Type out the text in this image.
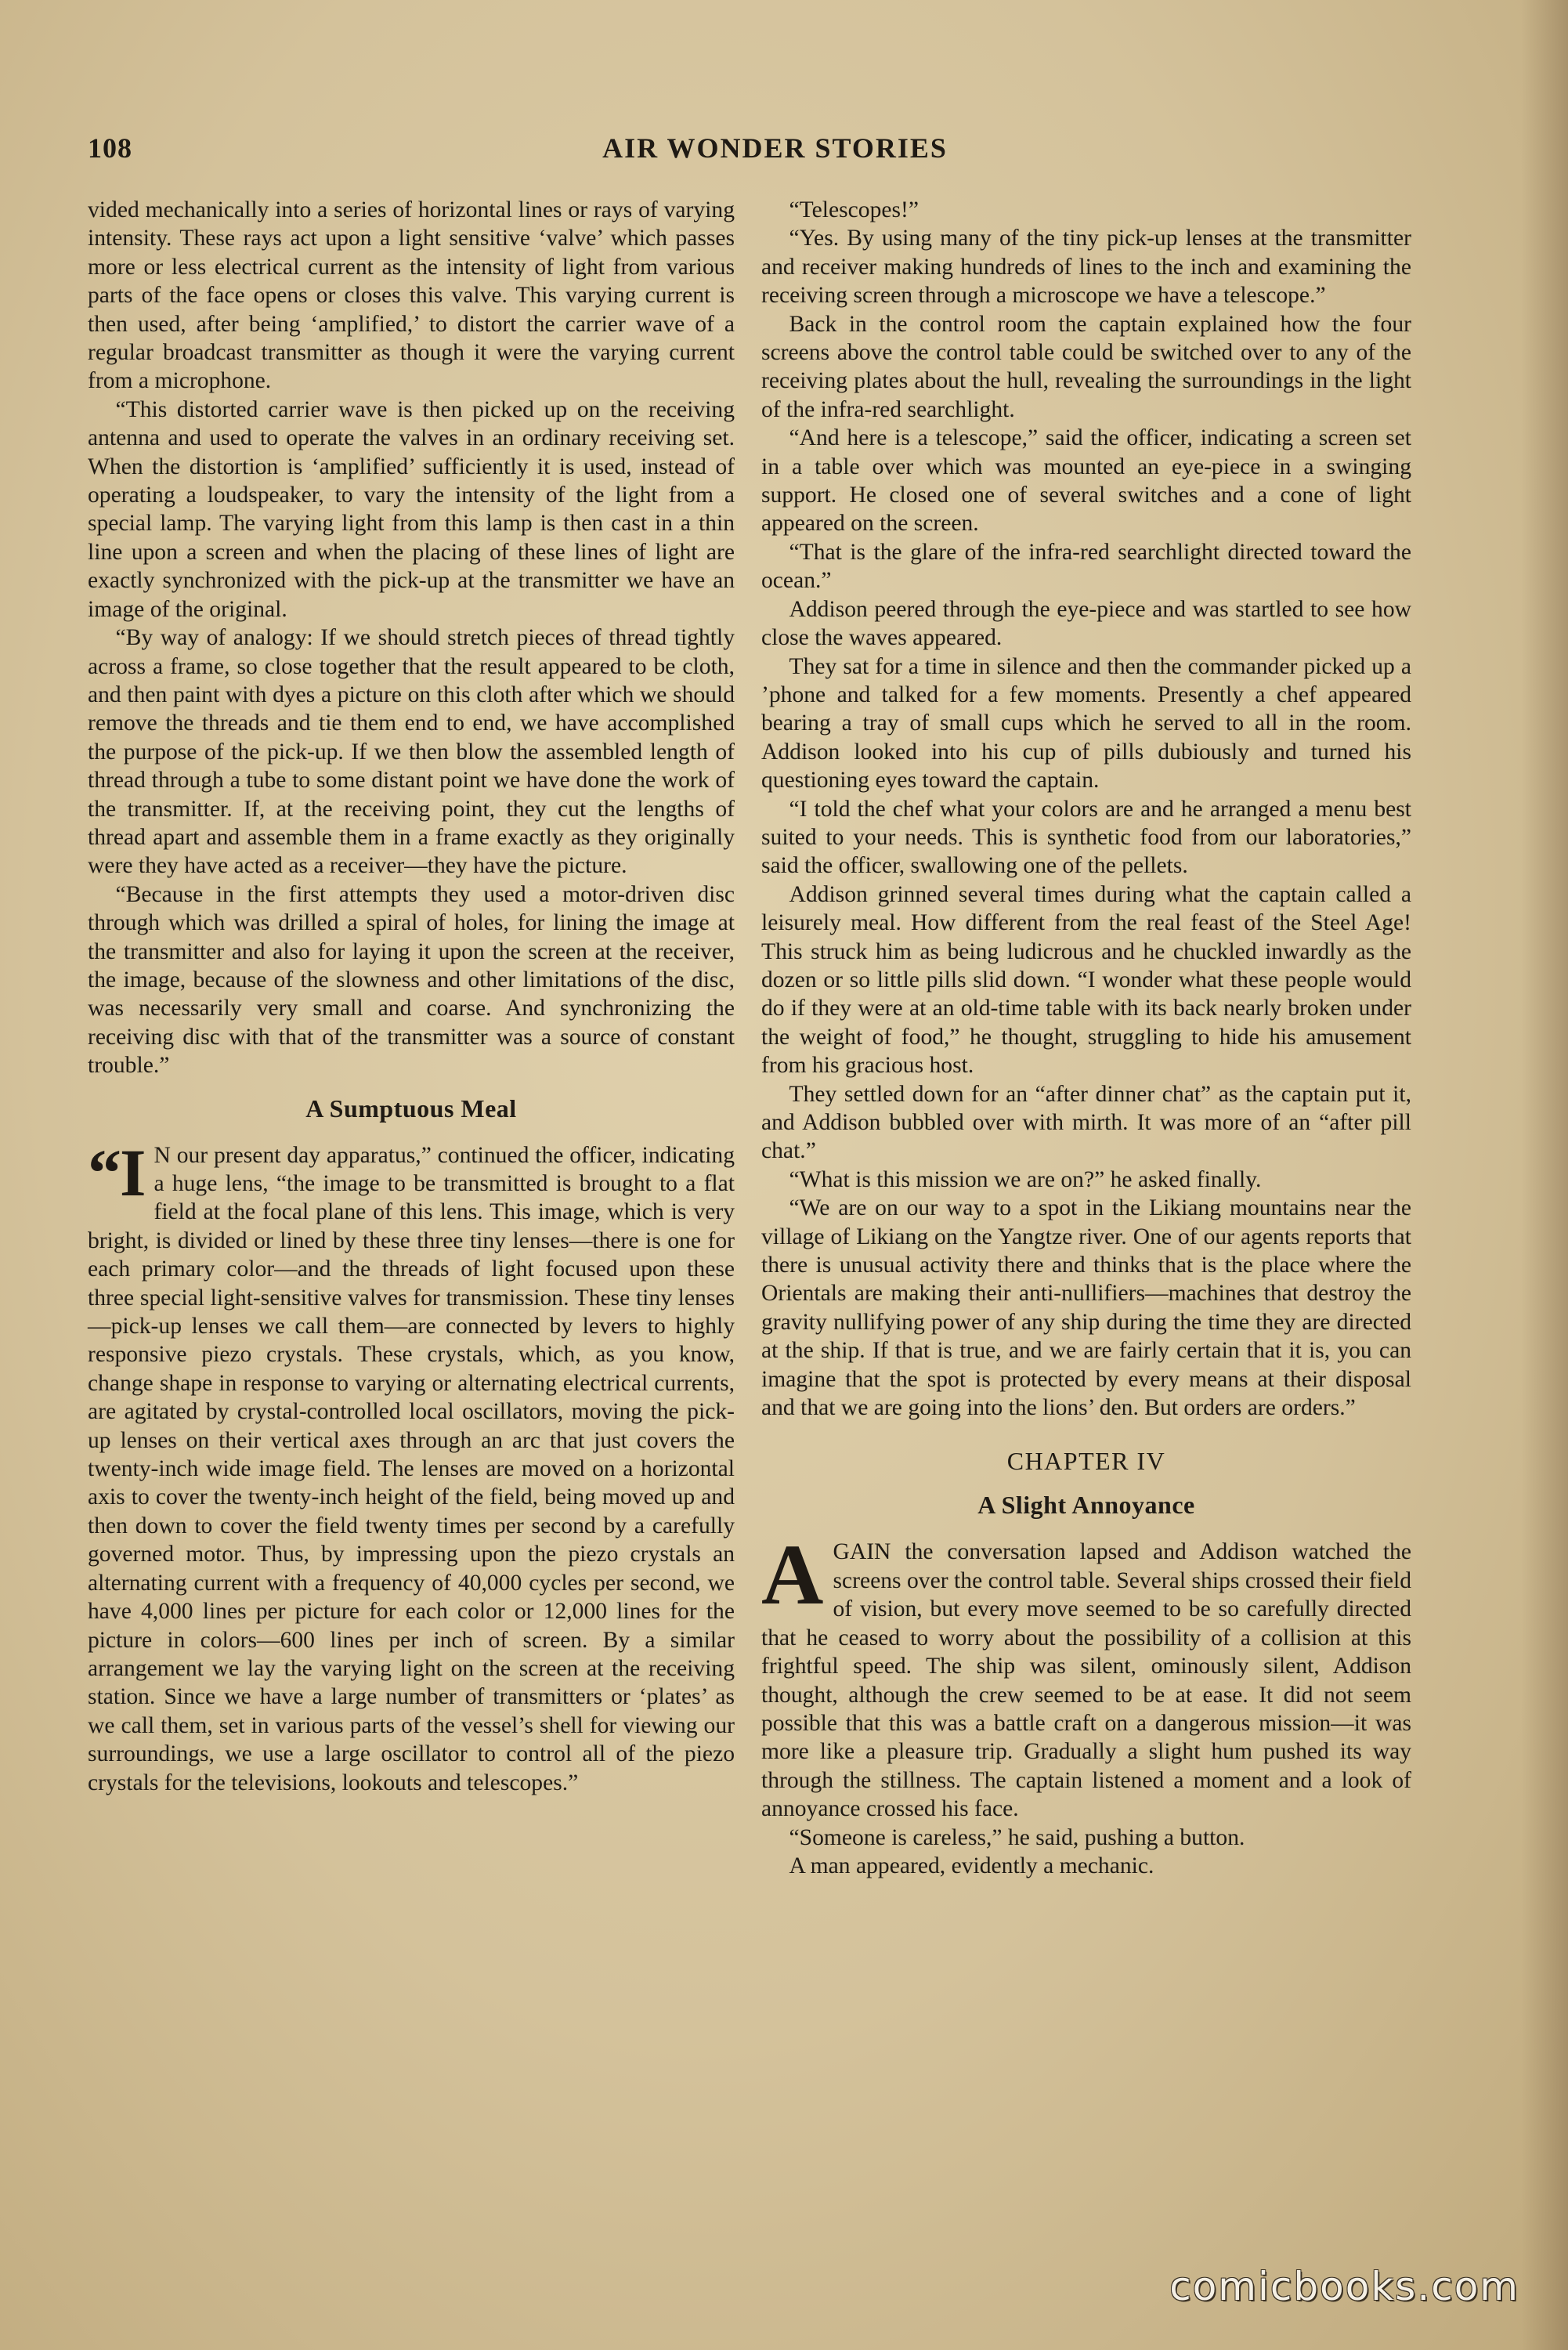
AIR WONDER STORIES
108

vided mechanically into a series of horizontal lines or rays of varying intensity. These rays act upon a light sensitive ‘valve’ which passes more or less electrical current as the intensity of light from various parts of the face opens or closes this valve. This varying current is then used, after being ‘amplified,’ to distort the carrier wave of a regular broadcast transmitter as though it were the varying current from a microphone.

“This distorted carrier wave is then picked up on the receiving antenna and used to operate the valves in an ordinary receiving set. When the distortion is ‘amplified’ sufficiently it is used, instead of operating a loudspeaker, to vary the intensity of the light from a special lamp. The varying light from this lamp is then cast in a thin line upon a screen and when the placing of these lines of light are exactly synchronized with the pick-up at the transmitter we have an image of the original.

“By way of analogy: If we should stretch pieces of thread tightly across a frame, so close together that the result appeared to be cloth, and then paint with dyes a picture on this cloth after which we should remove the threads and tie them end to end, we have accomplished the purpose of the pick-up. If we then blow the assembled length of thread through a tube to some distant point we have done the work of the transmitter. If, at the receiving point, they cut the lengths of thread apart and assemble them in a frame exactly as they originally were they have acted as a receiver—they have the picture.

“Because in the first attempts they used a motor-driven disc through which was drilled a spiral of holes, for lining the image at the transmitter and also for laying it upon the screen at the receiver, the image, because of the slowness and other limitations of the disc, was necessarily very small and coarse. And synchronizing the receiving disc with that of the transmitter was a source of constant trouble.”

A Sumptuous Meal

“I N our present day apparatus,” continued the officer, indicating a huge lens, “the image to be transmitted is brought to a flat field at the focal plane of this lens. This image, which is very bright, is divided or lined by these three tiny lenses—there is one for each primary color—and the threads of light focused upon these three special light-sensitive valves for transmission. These tiny lenses—pick-up lenses we call them—are connected by levers to highly responsive piezo crystals. These crystals, which, as you know, change shape in response to varying or alternating electrical currents, are agitated by crystal-controlled local oscillators, moving the pick-up lenses on their vertical axes through an arc that just covers the twenty-inch wide image field. The lenses are moved on a horizontal axis to cover the twenty-inch height of the field, being moved up and then down to cover the field twenty times per second by a carefully governed motor. Thus, by impressing upon the piezo crystals an alternating current with a frequency of 40,000 cycles per second, we have 4,000 lines per picture for each color or 12,000 lines for the picture in colors—600 lines per inch of screen. By a similar arrangement we lay the varying light on the screen at the receiving station. Since we have a large number of transmitters or ‘plates’ as we call them, set in various parts of the vessel’s shell for viewing our surroundings, we use a large oscillator to control all of the piezo crystals for the televisions, lookouts and telescopes.”

“Telescopes!”

“Yes. By using many of the tiny pick-up lenses at the transmitter and receiver making hundreds of lines to the inch and examining the receiving screen through a microscope we have a telescope.”

Back in the control room the captain explained how the four screens above the control table could be switched over to any of the receiving plates about the hull, revealing the surroundings in the light of the infra-red searchlight.

“And here is a telescope,” said the officer, indicating a screen set in a table over which was mounted an eye-piece in a swinging support. He closed one of several switches and a cone of light appeared on the screen.

“That is the glare of the infra-red searchlight directed toward the ocean.”

Addison peered through the eye-piece and was startled to see how close the waves appeared.

They sat for a time in silence and then the commander picked up a ’phone and talked for a few moments. Presently a chef appeared bearing a tray of small cups which he served to all in the room. Addison looked into his cup of pills dubiously and turned his questioning eyes toward the captain.

“I told the chef what your colors are and he arranged a menu best suited to your needs. This is synthetic food from our laboratories,” said the officer, swallowing one of the pellets.

Addison grinned several times during what the captain called a leisurely meal. How different from the real feast of the Steel Age! This struck him as being ludicrous and he chuckled inwardly as the dozen or so little pills slid down. “I wonder what these people would do if they were at an old-time table with its back nearly broken under the weight of food,” he thought, struggling to hide his amusement from his gracious host.

They settled down for an “after dinner chat” as the captain put it, and Addison bubbled over with mirth. It was more of an “after pill chat.”

“What is this mission we are on?” he asked finally.

“We are on our way to a spot in the Likiang mountains near the village of Likiang on the Yangtze river. One of our agents reports that there is unusual activity there and thinks that is the place where the Orientals are making their anti-nullifiers—machines that destroy the gravity nullifying power of any ship during the time they are directed at the ship. If that is true, and we are fairly certain that it is, you can imagine that the spot is protected by every means at their disposal and that we are going into the lions’ den. But orders are orders.”

CHAPTER IV
A Slight Annoyance

AGAIN the conversation lapsed and Addison watched the screens over the control table. Several ships crossed their field of vision, but every move seemed to be so carefully directed that he ceased to worry about the possibility of a collision at this frightful speed. The ship was silent, ominously silent, Addison thought, although the crew seemed to be at ease. It did not seem possible that this was a battle craft on a dangerous mission—it was more like a pleasure trip. Gradually a slight hum pushed its way through the stillness. The captain listened a moment and a look of annoyance crossed his face.

“Someone is careless,” he said, pushing a button.

A man appeared, evidently a mechanic.

comicbooks.com
